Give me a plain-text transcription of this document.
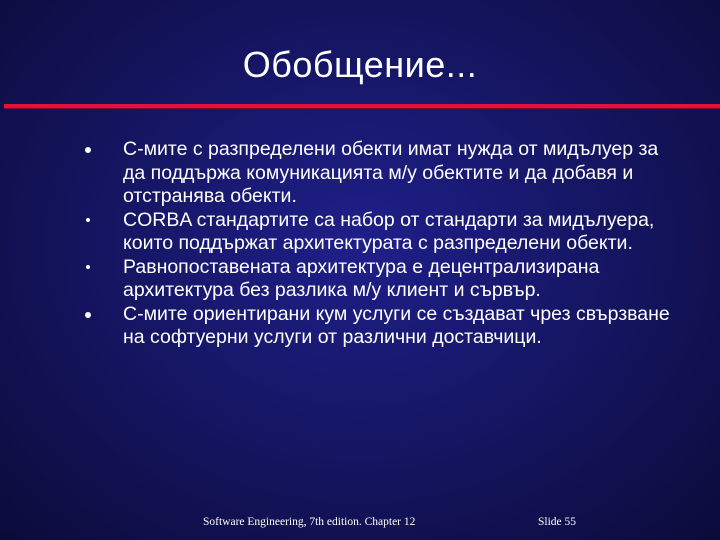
Обобщение...
С-мите с разпределени обекти имат нужда от мидълуер за да поддържа комуникацията м/у обектите и да добавя и отстранява обекти.
CORBA стандартите са набор от стандарти за мидълуера, които поддържат архитектурата с разпределени обекти.
Равнопоставената архитектура е децентрализирана архитектура без разлика м/у клиент и сървър.
С-мите ориентирани кум услуги се създават чрез свързване на софтуерни услуги от различни доставчици.
Software Engineering, 7th edition. Chapter 12	Slide 55
